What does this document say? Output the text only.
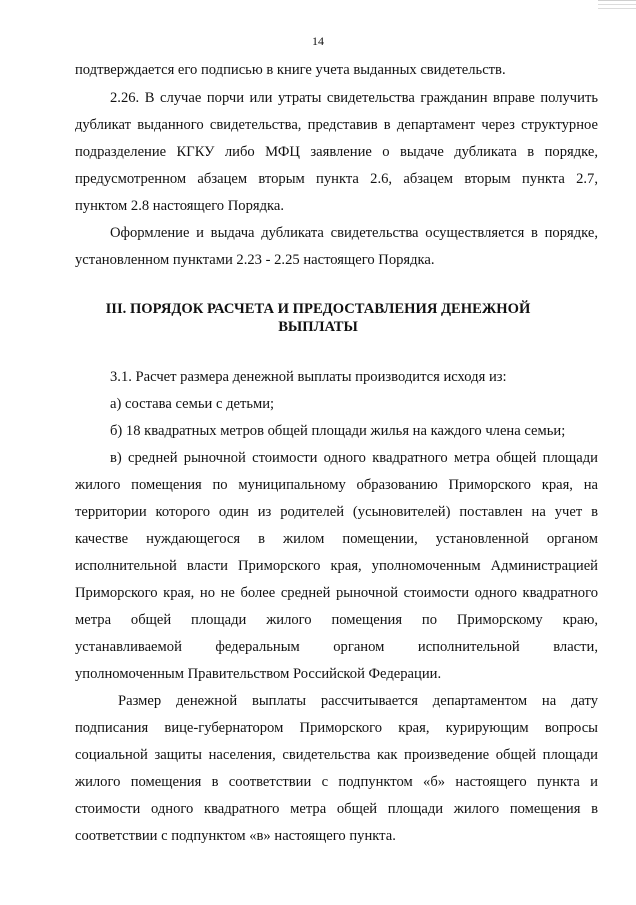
14
подтверждается его подписью в книге учета выданных свидетельств.
2.26. В случае порчи или утраты свидетельства гражданин вправе получить
дубликат выданного свидетельства, представив в департамент через структурное
подразделение КГКУ либо МФЦ заявление о выдаче дубликата в порядке,
предусмотренном абзацем вторым пункта 2.6, абзацем вторым пункта 2.7,
пунктом 2.8 настоящего Порядка.
Оформление и выдача дубликата свидетельства осуществляется в порядке,
установленном пунктами 2.23 - 2.25 настоящего Порядка.
III. ПОРЯДОК РАСЧЕТА И ПРЕДОСТАВЛЕНИЯ ДЕНЕЖНОЙ
ВЫПЛАТЫ
3.1. Расчет размера денежной выплаты производится исходя из:
а) состава семьи с детьми;
б) 18 квадратных метров общей площади жилья на каждого члена семьи;
в) средней рыночной стоимости одного квадратного метра общей площади
жилого помещения по муниципальному образованию Приморского края, на
территории которого один из родителей (усыновителей) поставлен на учет в
качестве нуждающегося в жилом помещении, установленной органом
исполнительной власти Приморского края, уполномоченным Администрацией
Приморского края, но не более средней рыночной стоимости одного квадратного
метра общей площади жилого помещения по Приморскому краю,
устанавливаемой федеральным органом исполнительной власти,
уполномоченным Правительством Российской Федерации.
Размер денежной выплаты рассчитывается департаментом на дату
подписания вице-губернатором Приморского края, курирующим вопросы
социальной защиты населения, свидетельства как произведение общей площади
жилого помещения в соответствии с подпунктом «б» настоящего пункта и
стоимости одного квадратного метра общей площади жилого помещения в
соответствии с подпунктом «в» настоящего пункта.
